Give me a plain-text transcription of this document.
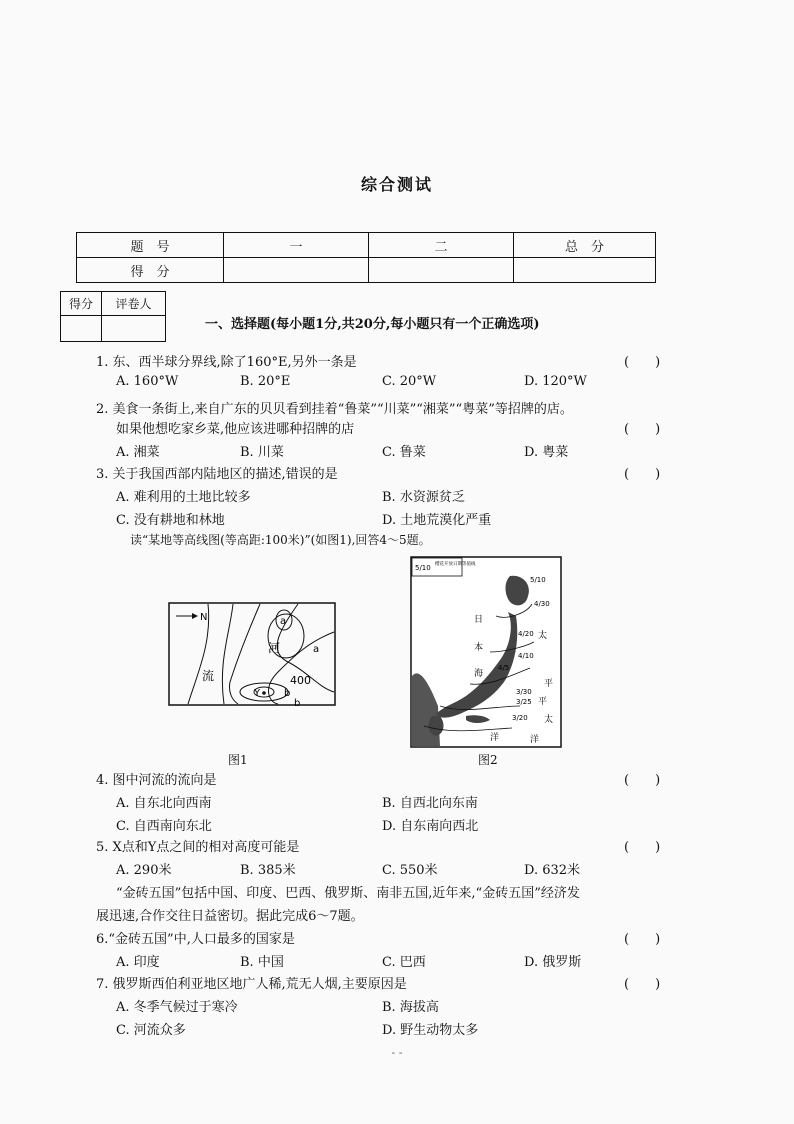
综合测试
题　号	一	二	总　分
得　分			
得分	评卷人

一、选择题(每小题1分,共20分,每小题只有一个正确选项)
1. 东、西半球分界线,除了160°E,另外一条是	(　　)
A. 160°W	B. 20°E	C. 20°W	D. 120°W
2. 美食一条街上,来自广东的贝贝看到挂着“鲁菜”“川菜”“湘菜”“粤菜”等招牌的店。
如果他想吃家乡菜,他应该进哪种招牌的店	(　　)
A. 湘菜	B. 川菜	C. 鲁菜	D. 粤菜
3. 关于我国西部内陆地区的描述,错误的是	(　　)
A. 难利用的土地比较多	B. 水资源贫乏
C. 没有耕地和林地	D. 土地荒漠化严重
读“某地等高线图(等高距:100米)”(如图1),回答4～5题。
N	a
a
河
流	400
Y b
b
图1
5/10 樱花开放日期等值线
5/10
4/30
4/20
4/10
4/5
3/30
3/25
3/20
日
本
海
太
平
洋
平
太
洋
图2
4. 图中河流的流向是	(　　)
A. 自东北向西南	B. 自西北向东南
C. 自西南向东北	D. 自东南向西北
5. X点和Y点之间的相对高度可能是	(　　)
A. 290米	B. 385米	C. 550米	D. 632米
“金砖五国”包括中国、印度、巴西、俄罗斯、南非五国,近年来,“金砖五国”经济发
展迅速,合作交往日益密切。据此完成6～7题。
6.“金砖五国”中,人口最多的国家是	(　　)
A. 印度	B. 中国	C. 巴西	D. 俄罗斯
7. 俄罗斯西伯利亚地区地广人稀,荒无人烟,主要原因是	(　　)
A. 冬季气候过于寒冷	B. 海拔高
C. 河流众多	D. 野生动物太多
- -
